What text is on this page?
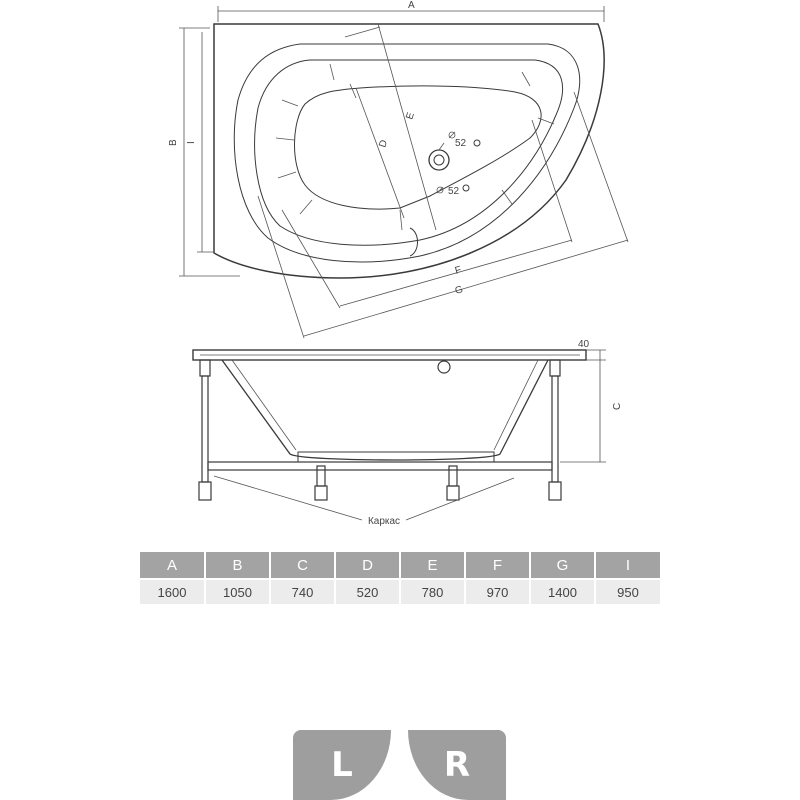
52
52
A
B I	D
E
F
G
40
C
Каркас
A	B	C	D	E	F	G	I
1600	1050	740	520	780	970	1400	950
L	R
